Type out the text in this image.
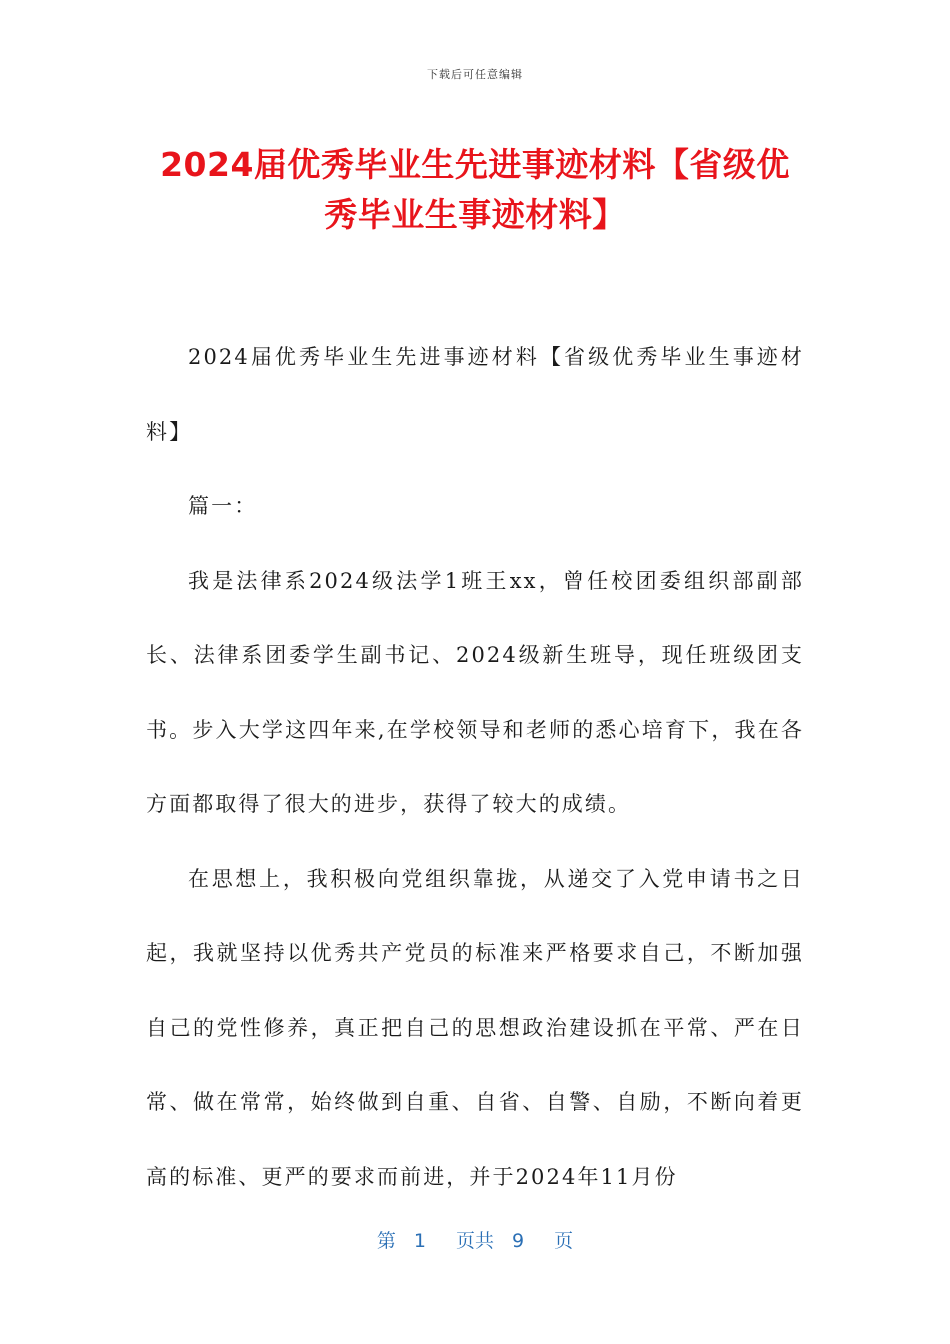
下载后可任意编辑
2024届优秀毕业生先进事迹材料【省级优秀毕业生事迹材料】

2024届优秀毕业生先进事迹材料【省级优秀毕业生事迹材料】

篇一：

我是法律系2024级法学1班王xx，曾任校团委组织部副部长、法律系团委学生副书记、2024级新生班导，现任班级团支书。步入大学这四年来,在学校领导和老师的悉心培育下，我在各方面都取得了很大的进步，获得了较大的成绩。

在思想上，我积极向党组织靠拢，从递交了入党申请书之日起，我就坚持以优秀共产党员的标准来严格要求自己，不断加强自己的党性修养，真正把自己的思想政治建设抓在平常、严在日常、做在常常，始终做到自重、自省、自警、自励，不断向着更高的标准、更严的要求而前进，并于2024年11月份

第 1 页共 9 页
